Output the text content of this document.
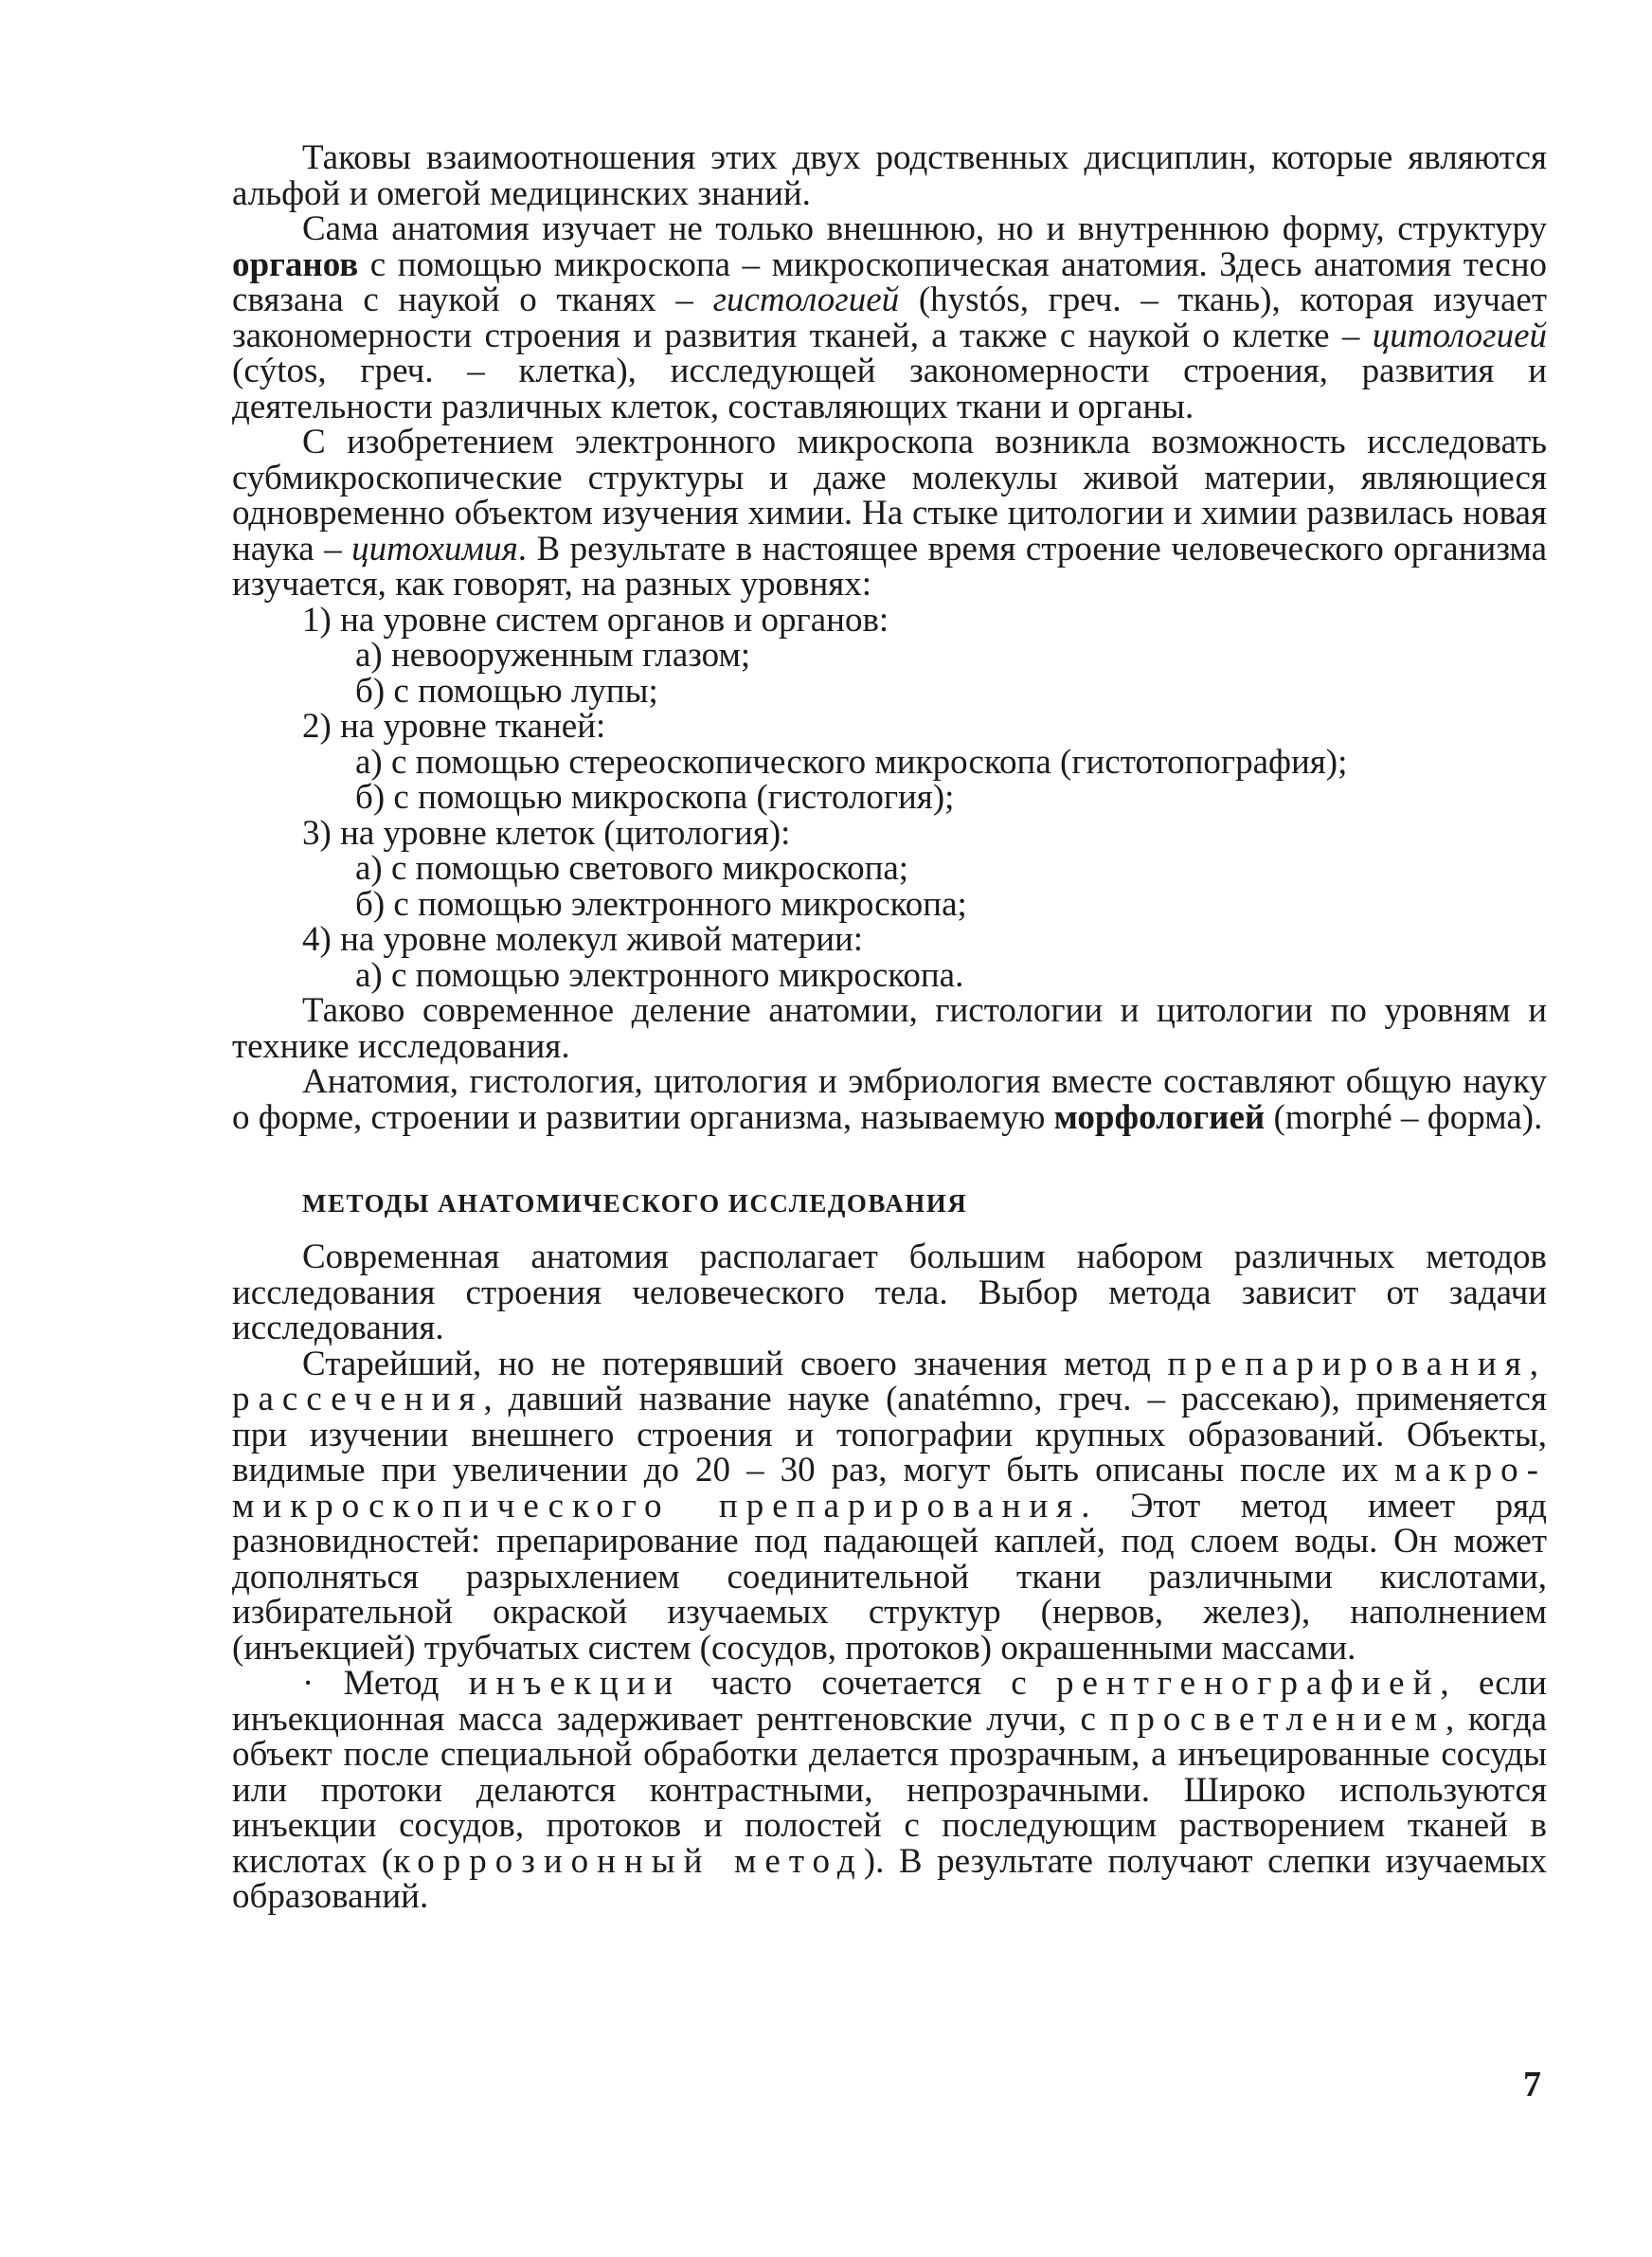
Таковы взаимоотношения этих двух родственных дисциплин, которые являются альфой и омегой медицинских знаний.

Сама анатомия изучает не только внешнюю, но и внутреннюю форму, структуру органов с помощью микроскопа – микроскопическая анатомия. Здесь анатомия тесно связана с наукой о тканях – гистологией (hystós, греч. – ткань), которая изучает закономерности строения и развития тканей, а также с наукой о клетке – цитологией (cýtos, греч. – клетка), исследующей закономерности строения, развития и деятельности различных клеток, составляющих ткани и органы.

С изобретением электронного микроскопа возникла возможность исследовать субмикроскопические структуры и даже молекулы живой материи, являющиеся одновременно объектом изучения химии. На стыке цитологии и химии развилась новая наука – цитохимия. В результате в настоящее время строение человеческого организма изучается, как говорят, на разных уровнях:

1) на уровне систем органов и органов:
а) невооруженным глазом;
б) с помощью лупы;
2) на уровне тканей:
а) с помощью стереоскопического микроскопа (гистотопография);
б) с помощью микроскопа (гистология);
3) на уровне клеток (цитология):
а) с помощью светового микроскопа;
б) с помощью электронного микроскопа;
4) на уровне молекул живой материи:
а) с помощью электронного микроскопа.

Таково современное деление анатомии, гистологии и цитологии по уровням и технике исследования.

Анатомия, гистология, цитология и эмбриология вместе составляют общую науку о форме, строении и развитии организма, называемую морфологией (morphé – форма).

МЕТОДЫ АНАТОМИЧЕСКОГО ИССЛЕДОВАНИЯ

Современная анатомия располагает большим набором различных методов исследования строения человеческого тела. Выбор метода зависит от задачи исследования.

Старейший, но не потерявший своего значения метод препарирования, рассечения, давший название науке (anatémno, греч. – рассекаю), применяется при изучении внешнего строения и топографии крупных образований. Объекты, видимые при увеличении до 20 – 30 раз, могут быть описаны после их макро- микроскопического препарирования. Этот метод имеет ряд разновидностей: препарирование под падающей каплей, под слоем воды. Он может дополняться разрыхлением соединительной ткани различными кислотами, избирательной окраской изучаемых структур (нервов, желез), наполнением (инъекцией) трубчатых систем (сосудов, протоков) окрашенными массами.

· Метод инъекции часто сочетается с рентгенографией, если инъекционная масса задерживает рентгеновские лучи, с просветлением, когда объект после специальной обработки делается прозрачным, а инъецированные сосуды или протоки делаются контрастными, непрозрачными. Широко используются инъекции сосудов, протоков и полостей с последующим растворением тканей в кислотах (коррозионный метод). В результате получают слепки изучаемых образований.

7
